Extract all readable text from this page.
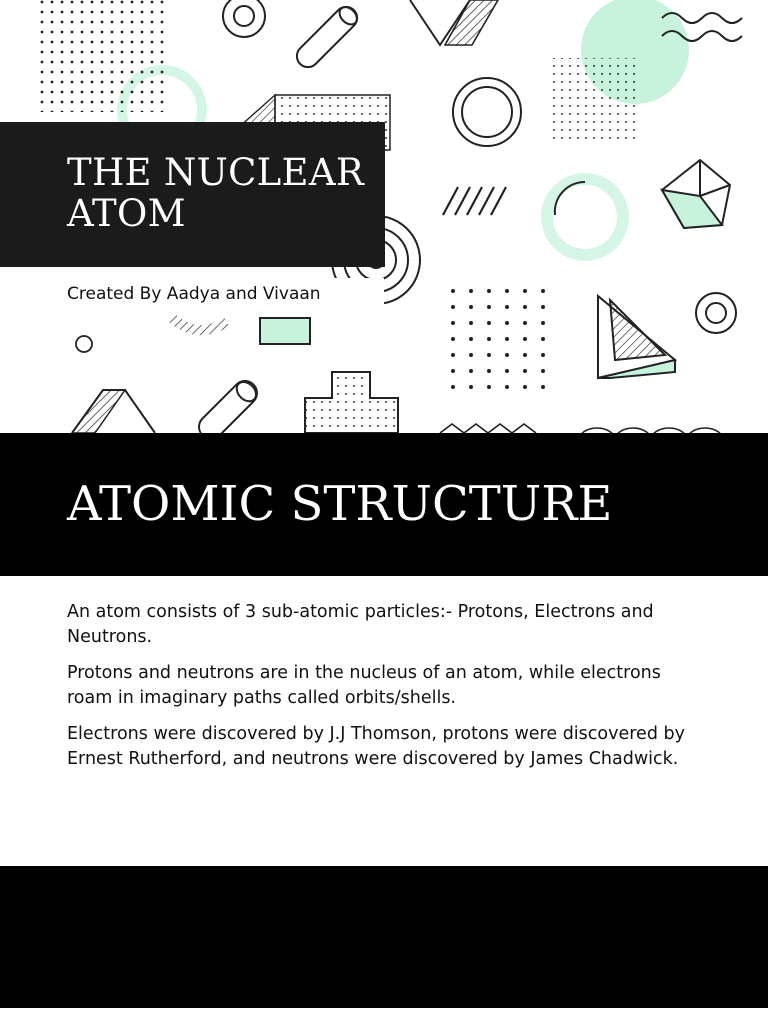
THE NUCLEAR ATOM

Created By Aadya and Vivaan

ATOMIC STRUCTURE

An atom consists of 3 sub-atomic particles:- Protons, Electrons and Neutrons.

Protons and neutrons are in the nucleus of an atom, while electrons roam in imaginary paths called orbits/shells.

Electrons were discovered by J.J Thomson, protons were discovered by Ernest Rutherford, and neutrons were discovered by James Chadwick.
